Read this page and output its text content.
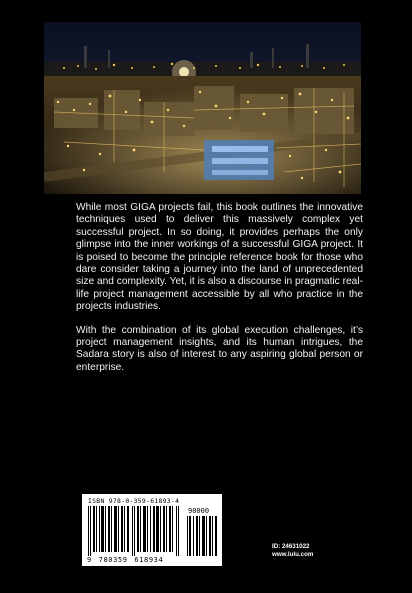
While most GIGA projects fail, this book outlines the innovative techniques used to deliver this massively complex yet successful project. In so doing, it provides perhaps the only glimpse into the inner workings of a successful GIGA project. It is poised to become the principle reference book for those who dare consider taking a journey into the land of unprecedented size and complexity. Yet, it is also a discourse in pragmatic real-life project management accessible by all who practice in the projects industries.

With the combination of its global execution challenges, it’s project management insights, and its human intrigues, the Sadara story is also of interest to any aspiring global person or enterprise.

ISBN 978-0-359-61893-4
90000
9 780359 618934
ID: 24631022
www.lulu.com
